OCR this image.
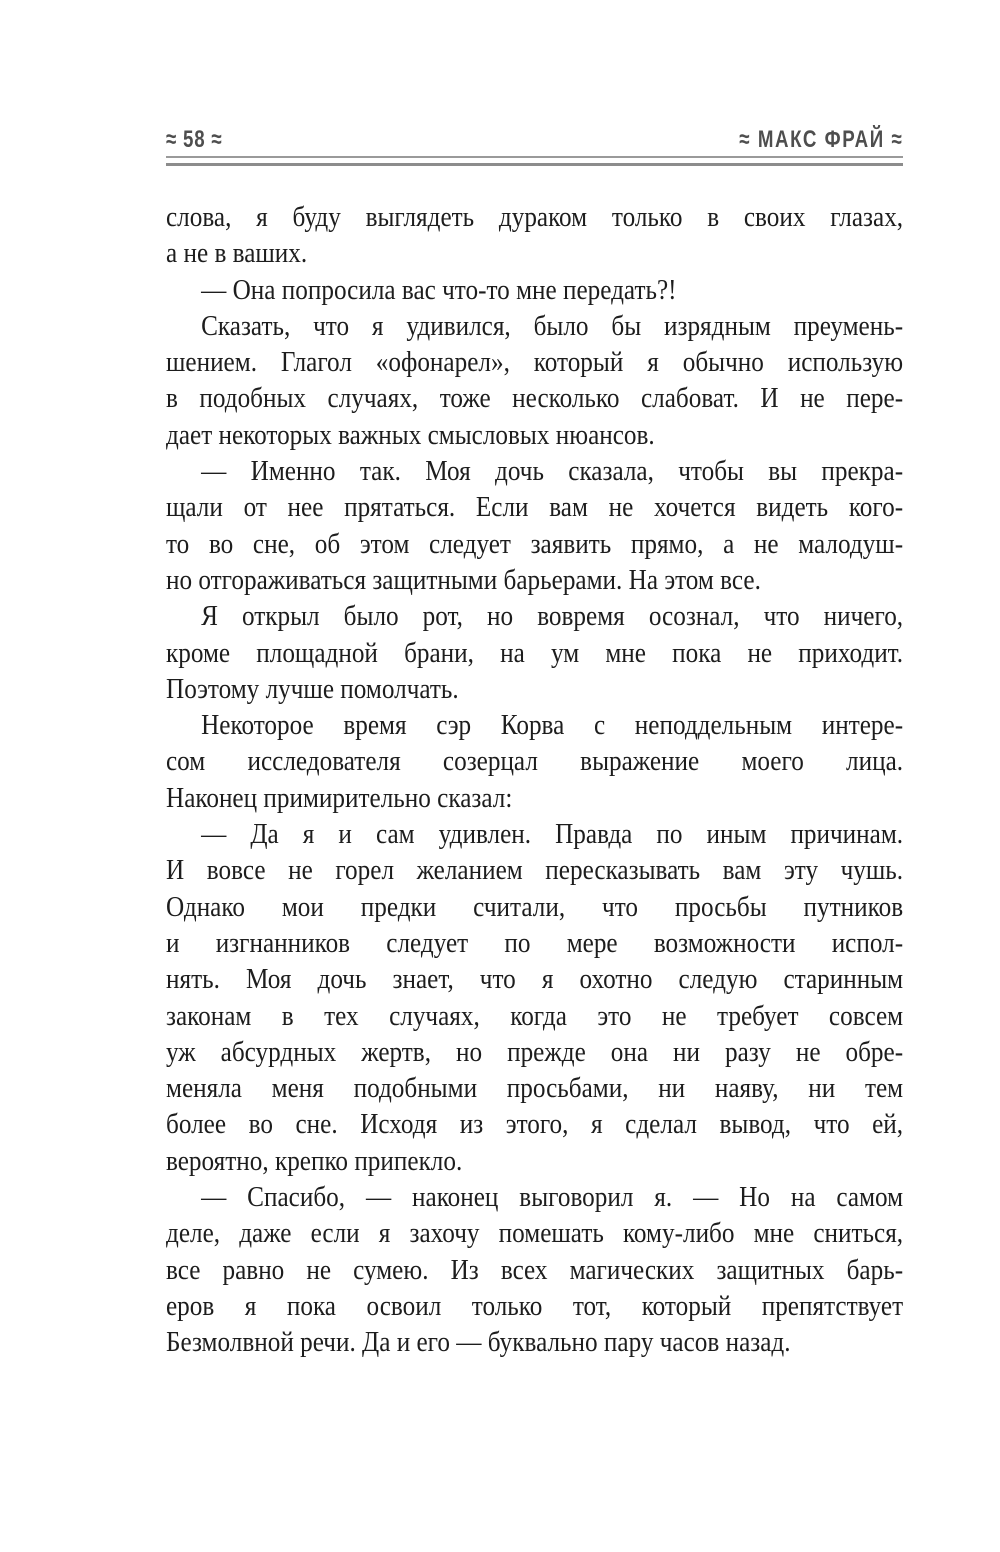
≈ 58 ≈	≈ МАКС ФРАЙ ≈
слова, я буду выглядеть дураком только в своих глазах,
а не в ваших.
— Она попросила вас что-то мне передать?!
Сказать, что я удивился, было бы изрядным преумень-
шением. Глагол «офонарел», который я обычно использую
в подобных случаях, тоже несколько слабоват. И не пере-
дает некоторых важных смысловых нюансов.
— Именно так. Моя дочь сказала, чтобы вы прекра-
щали от нее прятаться. Если вам не хочется видеть кого-
то во сне, об этом следует заявить прямо, а не малодуш-
но отгораживаться защитными барьерами. На этом все.
Я открыл было рот, но вовремя осознал, что ничего,
кроме площадной брани, на ум мне пока не приходит.
Поэтому лучше помолчать.
Некоторое время сэр Корва с неподдельным интере-
сом исследователя созерцал выражение моего лица.
Наконец примирительно сказал:
— Да я и сам удивлен. Правда по иным причинам.
И вовсе не горел желанием пересказывать вам эту чушь.
Однако мои предки считали, что просьбы путников
и изгнанников следует по мере возможности испол-
нять. Моя дочь знает, что я охотно следую старинным
законам в тех случаях, когда это не требует совсем
уж абсурдных жертв, но прежде она ни разу не обре-
меняла меня подобными просьбами, ни наяву, ни тем
более во сне. Исходя из этого, я сделал вывод, что ей,
вероятно, крепко припекло.
— Спасибо, — наконец выговорил я. — Но на самом
деле, даже если я захочу помешать кому-либо мне сниться,
все равно не сумею. Из всех магических защитных барь-
еров я пока освоил только тот, который препятствует
Безмолвной речи. Да и его — буквально пару часов назад.
